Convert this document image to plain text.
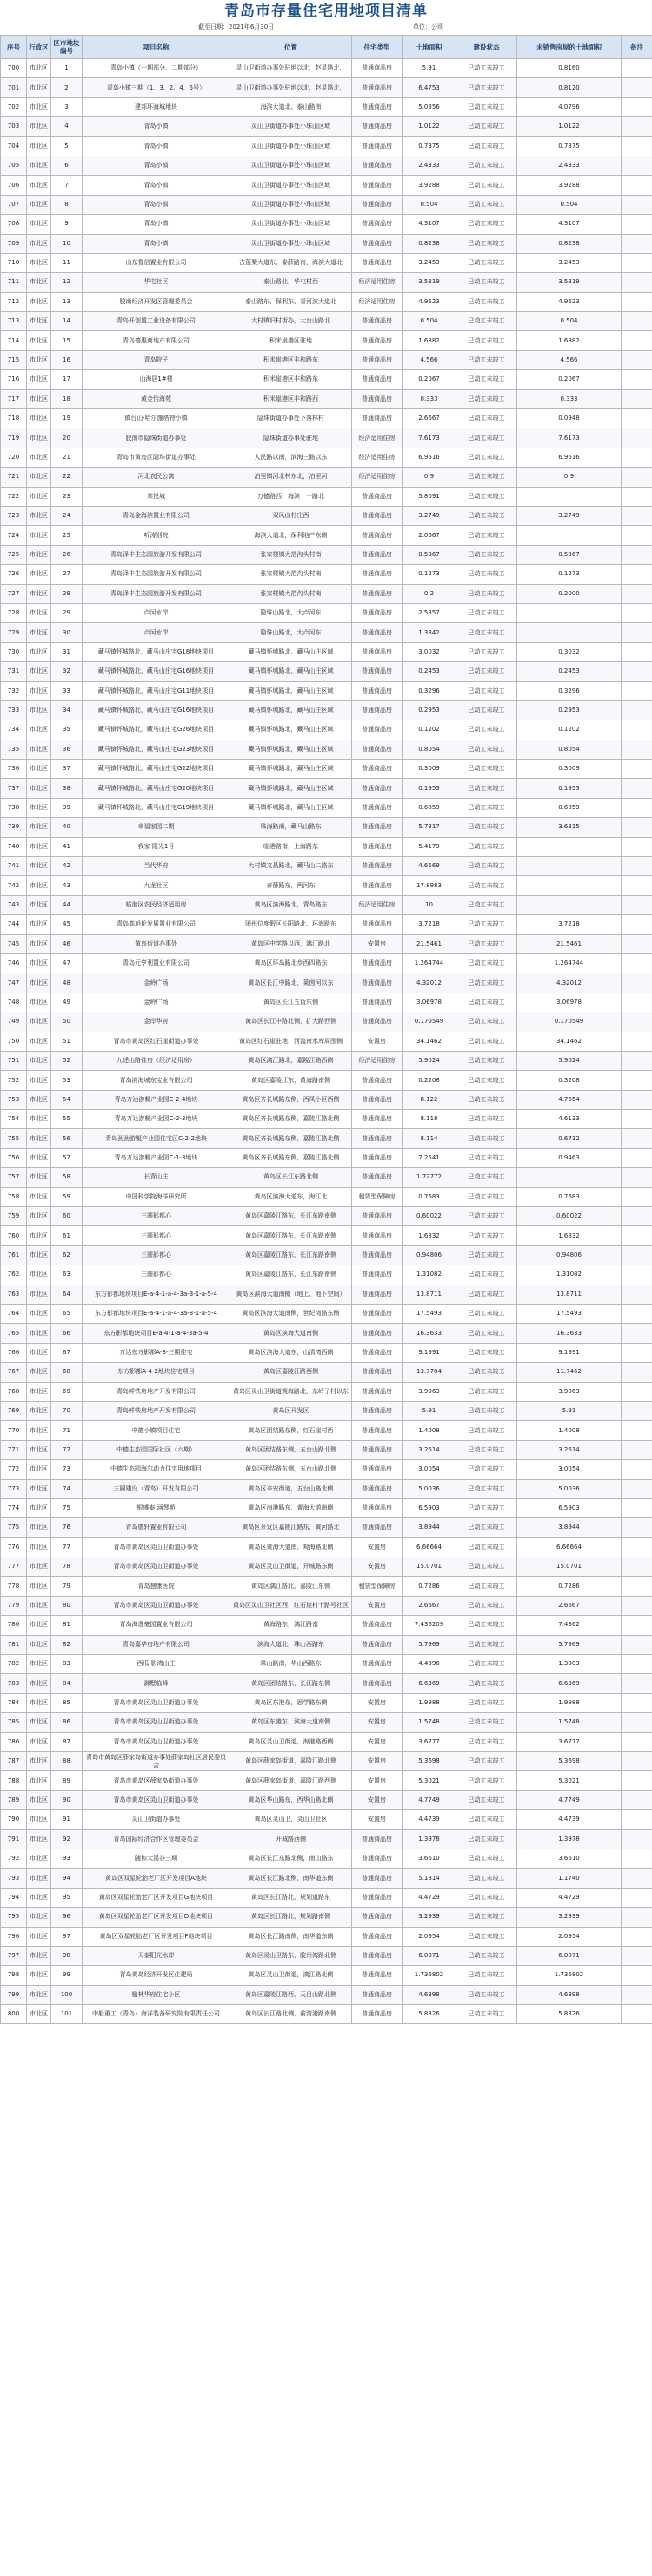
青岛市存量住宅用地项目清单
截至日期：2021年6月30日	单位：公顷
序号	行政区	区市地块编号	项目名称	位置	住宅类型	土地面积	建设状态	未销售房屋的土地面积	备注
700	市北区	1	青岛小镇（一期部分、二期部分）	灵山卫街道办事处驻地以北，赵灵路北，	普通商品房	5.91	已动工未竣工	0.8160	
701	市北区	2	青岛小镇三期（1、3、2、4、5号）	灵山卫街道办事处驻地以北，赵灵路北，	普通商品房	6.4753	已动工未竣工	0.8120	
702	市北区	3	建邦环海城地块	海滨大道北、泰山路南	普通商品房	5.0356	已动工未竣工	4.0796	
703	市北区	4	青岛小镇	灵山卫街道办事处小珠山区域	普通商品房	1.0122	已动工未竣工	1.0122	
704	市北区	5	青岛小镇	灵山卫街道办事处小珠山区域	普通商品房	0.7375	已动工未竣工	0.7375	
705	市北区	6	青岛小镇	灵山卫街道办事处小珠山区域	普通商品房	2.4333	已动工未竣工	2.4333	
706	市北区	7	青岛小镇	灵山卫街道办事处小珠山区域	普通商品房	3.9288	已动工未竣工	3.9288	
707	市北区	8	青岛小镇	灵山卫街道办事处小珠山区域	普通商品房	0.504	已动工未竣工	0.504	
708	市北区	9	青岛小镇	灵山卫街道办事处小珠山区域	普通商品房	4.3107	已动工未竣工	4.3107	
709	市北区	10	青岛小镇	灵山卫街道办事处小珠山区域	普通商品房	0.8238	已动工未竣工	0.8238	
710	市北区	11	山东鲁信置业有限公司	古蓬梨大道东、泰薛路南，海滨大道北	普通商品房	3.2453	已动工未竣工	3.2453	
711	市北区	12	华屯社区	泰山路北，华屯村西	经济适用住房	3.5319	已动工未竣工	3.5319	
712	市北区	13	胶南经济开发区管理委员会	泰山路东、保利东、青河滨大道北	经济适用住房	4.9623	已动工未竣工	4.9623	
713	市北区	14	青岛开创置工业设备有限公司	大村镇旧村街办，大台山路北	普通商品房	0.504	已动工未竣工	0.504	
714	市北区	15	青岛德惠商地产有限公司	积米崖港区驻地	普通商品房	1.6882	已动工未竣工	1.6882	
715	市北区	16	青岛院子	积米崖港区丰和路东	普通商品房	4.566	已动工未竣工	4.566	
716	市北区	17	山海居1#楼	积米崖港区丰和路东	普通商品房	0.2067	已动工未竣工	0.2067	
717	市北区	18	黄金怡海苑	积米崖港区丰和路西	普通商品房	0.333	已动工未竣工	0.333	
718	市北区	19	镇台山·哈尔施塔特小镇	隐珠街道办事处卜落林村	普通商品房	2.6667	已动工未竣工	0.0948	
719	市北区	20	胶南市隐珠街道办事处	隐珠街道办事处驻地	经济适用住房	7.6173	已动工未竣工	7.6173	
720	市北区	21	青岛市黄岛区隐珠街道办事处	人民路以南，滨海三路以东	经济适用住房	6.9616	已动工未竣工	6.9616	
721	市北区	22	河北农民公寓	泊里镇河北村东北，泊里河	经济适用住房	0.9	已动工未竣工	0.9	
722	市北区	23	棠悦城	万德路西，海滨十一路北	普通商品房	5.8091	已动工未竣工		
723	市北区	24	青岛金海滨置业有限公司	双风山村庄西	普通商品房	3.2749	已动工未竣工	3.2749	
724	市北区	25	听涛别院	海滨大道北，保利地产东侧	普通商品房	2.0667	已动工未竣工		
725	市北区	26	青岛泽丰生态园旅游开发有限公司	张家楼镇大范沟头村南	普通商品房	0.5967	已动工未竣工	0.5967	
726	市北区	27	青岛泽丰生态园旅游开发有限公司	张家楼镇大范沟头村南	普通商品房	0.1273	已动工未竣工	0.1273	
727	市北区	28	青岛泽丰生态园旅游开发有限公司	张家楼镇大范沟头村南	普通商品房	0.2	已动工未竣工	0.2000	
728	市北区	29	卢河水岸	隐珠山路北，太卢河东	普通商品房	2.5357	已动工未竣工		
729	市北区	30	卢河水岸	隐珠山路北，太卢河东	普通商品房	1.3342	已动工未竣工		
730	市北区	31	藏马镇怀城路北，藏马山庄宅G18地块项目	藏马镇怀城路北，藏马山庄区域	普通商品房	3.0032	已动工未竣工	0.3032	
731	市北区	32	藏马镇怀城路北，藏马山庄宅G16地块项目	藏马镇怀城路北，藏马山庄区域	普通商品房	0.2453	已动工未竣工	0.2453	
732	市北区	33	藏马镇怀城路北，藏马山庄宅G11地块项目	藏马镇怀城路北，藏马山庄区域	普通商品房	0.3296	已动工未竣工	0.3296	
733	市北区	34	藏马镇怀城路北，藏马山庄宅G16地块项目	藏马镇怀城路北，藏马山庄区域	普通商品房	0.2953	已动工未竣工	0.2953	
734	市北区	35	藏马镇怀城路北，藏马山庄宅G26地块项目	藏马镇怀城路北，藏马山庄区域	普通商品房	0.1202	已动工未竣工	0.1202	
735	市北区	36	藏马镇怀城路北，藏马山庄宅G23地块项目	藏马镇怀城路北，藏马山庄区域	普通商品房	0.8054	已动工未竣工	0.8054	
736	市北区	37	藏马镇怀城路北，藏马山庄宅G22地块项目	藏马镇怀城路北，藏马山庄区域	普通商品房	0.3009	已动工未竣工	0.3009	
737	市北区	38	藏马镇怀城路北，藏马山庄宅G20地块项目	藏马镇怀城路北，藏马山庄区域	普通商品房	0.1953	已动工未竣工	0.1953	
738	市北区	39	藏马镇怀城路北，藏马山庄宅G19地块项目	藏马镇怀城路北，藏马山庄区域	普通商品房	0.6859	已动工未竣工	0.6859	
739	市北区	40	幸福家园二期	珠海路南，藏马山路东	普通商品房	5.7817	已动工未竣工	3.6315	
740	市北区	41	我家·阳光1号	临港路南，上海路东	普通商品房	5.4179	已动工未竣工		
741	市北区	42	当代华府	大村镇文昌路北，藏马山二路东	普通商品房	4.6569	已动工未竣工		
742	市北区	43	九龙社区	泰薛路东，两河东	普通商品房	17.8983	已动工未竣工		
743	市北区	44	临港区农民经济适用房	黄岛区滨海路北，青岛路东	经济适用住房	10	已动工未竣工		
744	市北区	45	青岛高旭伦发展置业有限公司	团州位度假区长阳路北，环海路东	普通商品房	3.7218	已动工未竣工	3.7218	
745	市北区	46	黄岛街道办事处	黄岛区中学路以西，漓江路北	安置房	21.5461	已动工未竣工	21.5461	
746	市北区	47	青岛元亨利置业有限公司	黄岛区环岛路北步西四路东	普通商品房	1.264744	已动工未竣工	1.264744	
747	市北区	48	金岭广场	黄岛区长江中路北，莱茵河以东	普通商品房	4.32012	已动工未竣工	4.32012	
748	市北区	49	金岭广场	黄岛区长江五街东侧	普通商品房	3.06978	已动工未竣工	3.06978	
749	市北区	50	金岸华府	黄岛区长江中路北侧，扩大路西侧	普通商品房	0.170549	已动工未竣工	0.170549	
750	市北区	51	青岛市黄岛区红石崖街道办事处	黄岛区红石崖驻地，河流南水库周围侧	安置房	34.1462	已动工未竣工	34.1462	
751	市北区	52	九述山路住房（经济适用房）	黄岛区漓江路北，嘉陵江路西侧	经济适用住房	5.9024	已动工未竣工	5.9024	
752	市北区	53	青岛滨海城东宝业有限公司	黄岛区嘉陵江东，黄海路南侧	普通商品房	0.2208	已动工未竣工	0.3208	
753	市北区	54	青岛万达游艇产业园C-2-4地块	黄岛区齐长城路东侧，西凤小区西侧	普通商品房	8.122	已动工未竣工	4.7654	
754	市北区	55	青岛万达游艇产业园C-2-3地块	黄岛区齐长城路东侧，嘉陵江路北侧	普通商品房	8.118	已动工未竣工	4.6133	
755	市北区	56	青岛劲劲游艇产业园住宅区C-2-2地块	黄岛区齐长城路东侧，嘉陵江路北侧	普通商品房	8.114	已动工未竣工	0.6712	
756	市北区	57	青岛万达游艇产业园C-1-3地块	黄岛区齐长城路东侧，嘉陵江路北侧	普通商品房	7.2541	已动工未竣工	0.9463	
757	市北区	58	长青山庄	黄岛区长江东路北侧	普通商品房	1.72772	已动工未竣工		
758	市北区	59	中国科学院海洋研究所	黄岛区滨海大道东，海江北	租赁型保障房	0.7683	已动工未竣工	0.7683	
759	市北区	60	三圆影都心	黄岛区嘉陵江路东，长江东路南侧	普通商品房	0.60022	已动工未竣工	0.60022	
760	市北区	61	三圆影都心	黄岛区嘉陵江路东，长江东路南侧	普通商品房	1.6832	已动工未竣工	1.6832	
761	市北区	62	三圆影都心	黄岛区嘉陵江路东，长江东路南侧	普通商品房	0.94806	已动工未竣工	0.94806	
762	市北区	63	三圆影都心	黄岛区嘉陵江路东，长江东路南侧	普通商品房	1.31082	已动工未竣工	1.31082	
763	市北区	64	东方影都地块项目E-a-4-1-a-4-3a-3-1-a-5-4	黄岛区滨海大道南侧（地上、地下空间）	普通商品房	13.8711	已动工未竣工	13.8711	
764	市北区	65	东方影都地块项目E-a-4-1-a-4-3a-3-1-a-5-4	黄岛区滨海大道南侧，世纪湾路东侧	普通商品房	17.5493	已动工未竣工	17.5493	
765	市北区	66	东方影都地块项目E-a-4-1-a-4-3a-5-4	黄岛区滨海大道南侧	普通商品房	16.3633	已动工未竣工	16.3633	
766	市北区	67	万达东方影都A-3-三期住宅	黄岛区滨海大道东，山清湾西侧	普通商品房	9.1991	已动工未竣工	9.1991	
767	市北区	68	东方影都A-4-2地块住宅项目	黄岛区嘉陵江路西侧	普通商品房	13.7704	已动工未竣工	11.7462	
768	市北区	69	青岛鲜铁房地产开发有限公司	黄岛区灵山卫街道观海路北，东岭子村以东	普通商品房	3.9063	已动工未竣工	3.9063	
769	市北区	70	青岛鲜铁房地产开发有限公司	黄岛区开发区	普通商品房	5.91	已动工未竣工	5.91	
770	市北区	71	中德小镇项目住宅	黄岛区团结路东侧，红石崖村西	普通商品房	1.4008	已动工未竣工	1.4008	
771	市北区	72	中德生态园国际社区（六期）	黄岛区团结路东侧，五台山路北侧	普通商品房	3.2614	已动工未竣工	3.2614	
772	市北区	73	中德生态园海尔动力住宅用地项目	黄岛区团结路东侧，五台山路北侧	普通商品房	3.0054	已动工未竣工	3.0054	
773	市北区	74	三圆建设（青岛）开发有限公司	黄岛区辛安街道，五台山路北侧	普通商品房	5.0036	已动工未竣工	5.0036	
774	市北区	75	银盛泰·涵琴苑	黄岛区海港路东，黄海大道南侧	普通商品房	6.5903	已动工未竣工	6.5903	
775	市北区	76	青岛德轩置业有限公司	黄岛区开发区嘉陵江路东，黄河路北	普通商品房	3.8944	已动工未竣工	3.8944	
776	市北区	77	青岛市黄岛区灵山卫街道办事处	黄岛区黄海大道南，观海路北侧	安置房	6.66664	已动工未竣工	6.66664	
777	市北区	78	青岛市黄岛区灵山卫街道办事处	黄岛区灵山卫街道，开城路东侧	安置房	15.0701	已动工未竣工	15.0701	
778	市北区	79	青岛慧康医院	黄岛区漓江路北，嘉陵江东侧	租赁型保障房	0.7286	已动工未竣工	0.7286	
779	市北区	80	青岛市黄岛区灵山卫街道办事处	黄岛区灵山卫社区西，红石崖村十路号社区	安置房	2.6667	已动工未竣工	2.6667	
780	市北区	81	青岛海逸豪园置业有限公司	黄海路东，漓江路南	普通商品房	7.436209	已动工未竣工	7.4362	
781	市北区	82	青岛嘉华房地产有限公司	滨海大道北，珠山西路东	普通商品房	5.7969	已动工未竣工	5.7969	
782	市北区	83	西瓜·影湾山庄	珠山路南，华山西路东	普通商品房	4.4996	已动工未竣工	1.3903	
783	市北区	84	御墅临峰	黄岛区团结路东，长江路东侧	普通商品房	6.6369	已动工未竣工	6.6369	
784	市北区	85	青岛市黄岛区灵山卫街道办事处	黄岛区东港东，思学路东侧	安置房	1.9988	已动工未竣工	1.9988	
785	市北区	86	青岛市黄岛区灵山卫街道办事处	黄岛区东港东，滨海大道南侧	安置房	1.5748	已动工未竣工	1.5748	
786	市北区	87	青岛市黄岛区灵山卫街道办事处	黄岛区灵山卫街道，海港路西侧	安置房	3.6777	已动工未竣工	3.6777	
787	市北区	88	青岛市黄岛区薛家岛街道办事处薛家岛社区居民委员会	黄岛区薛家岛街道，嘉陵江路北侧	安置房	5.3698	已动工未竣工	5.3698	
788	市北区	89	青岛市黄岛区薛家岛街道办事处	黄岛区薛家岛街道，嘉陵江路西侧	安置房	5.3021	已动工未竣工	5.3021	
789	市北区	90	青岛市黄岛区灵山卫街道办事处	黄岛区华山路东，西华山路北侧	安置房	4.7749	已动工未竣工	4.7749	
790	市北区	91	灵山卫街道办事处	黄岛区灵山卫，灵山卫社区	安置房	4.4739	已动工未竣工	4.4739	
791	市北区	92	青岛国际经济合作区管理委员会	开城路西侧	普通商品房	1.3978	已动工未竣工	1.3978	
792	市北区	93	随和大溪谷三期	黄岛区长江东路北侧，南山路东	普通商品房	3.6610	已动工未竣工	3.6610	
793	市北区	94	黄岛区双星轮胎老厂区开发项目A地块	黄岛区长江路北侧，南华道东侧	普通商品房	5.1814	已动工未竣工	1.1740	
794	市北区	95	黄岛区双星轮胎老厂区开发项目G地块项目	黄岛区长江路北，规划道路东	普通商品房	4.4729	已动工未竣工	4.4729	
795	市北区	96	黄岛区双星轮胎老厂区开发项目D地块项目	黄岛区长江路北，规划路南侧	普通商品房	3.2939	已动工未竣工	3.2939	
796	市北区	97	黄岛区双星轮胎老厂区开发项目F地块项目	黄岛区长江路南侧，南华道东侧	普通商品房	2.0954	已动工未竣工	2.0954	
797	市北区	98	天泰阳光水岸	黄岛区灵山卫路东，胶州湾路北侧	普通商品房	6.0071	已动工未竣工	6.0071	
798	市北区	99	青岛黄岛经济开发区住建局	黄岛区灵山卫街道，漓江路北侧	普通商品房	1.736802	已动工未竣工	1.736802	
799	市北区	100	楹林华府住宅小区	黄岛区嘉陵江路西，天目山路北侧	普通商品房	4.6398	已动工未竣工	4.6398	
800	市北区	101	中船重工（青岛）海洋装备研究院有限责任公司	黄岛区长江路北侧，前湾港路南侧	普通商品房	5.8326	已动工未竣工	5.8326	
